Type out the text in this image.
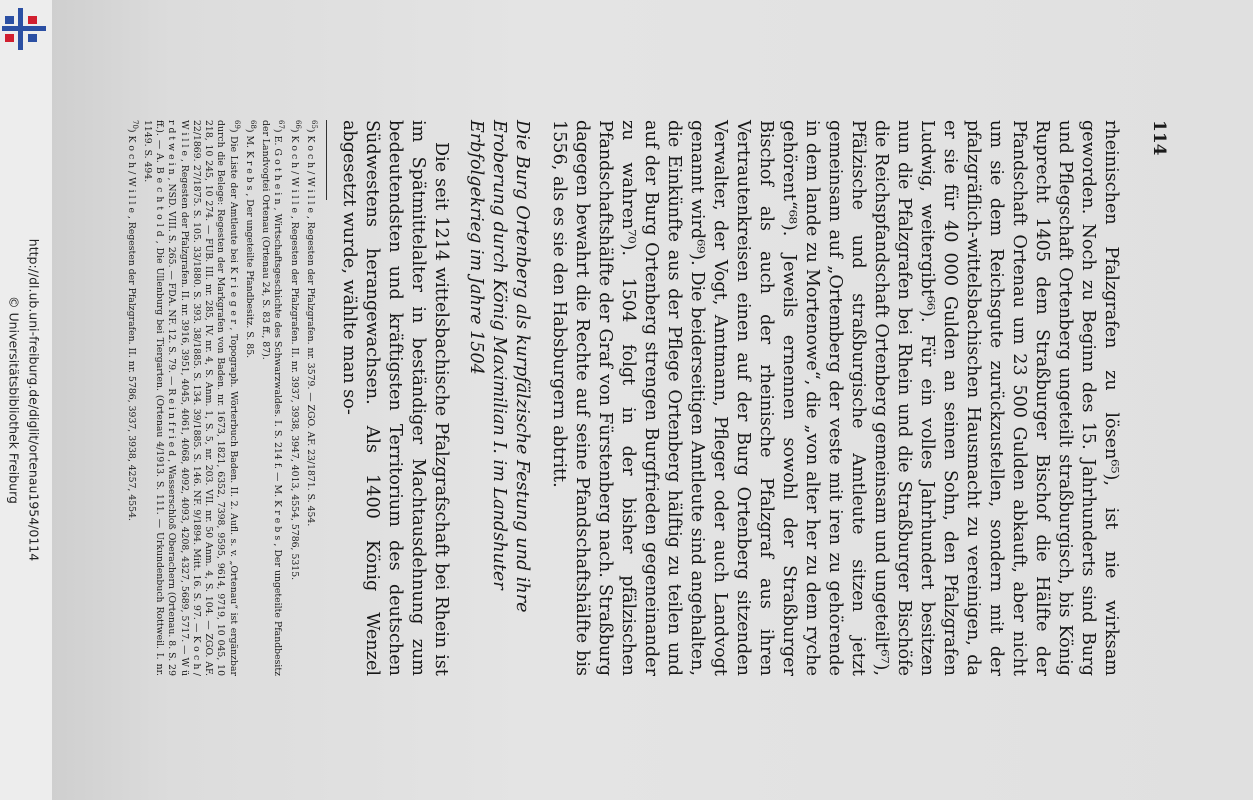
http://dl.ub.uni-freiburg.de/diglit/ortenau1954/0114
© Universitätsbibliothek Freiburg
114

rheinischen Pfalzgrafen zu lösen⁶⁵), ist nie wirksam geworden. Noch zu Beginn des 15. Jahrhunderts sind Burg und Pflegschaft Ortenberg ungeteilt straßburgisch, bis König Ruprecht 1405 dem Straßburger Bischof die Hälfte der Pfandschaft Ortenau um 23 500 Gulden abkauft, aber nicht um sie dem Reichsgute zurückzustellen, sondern mit der pfalzgräflich-wittelsbachischen Hausmacht zu vereinigen, da er sie für 40 000 Gulden an seinen Sohn, den Pfalzgrafen Ludwig, weitergibt⁶⁶). Für ein volles Jahrhundert besitzen nun die Pfalzgrafen bei Rhein und die Straßburger Bischöfe die Reichspfandschaft Ortenberg gemeinsam und ungeteilt⁶⁷), Pfälzische und straßburgische Amtleute sitzen jetzt gemeinsam auf „Ortemberg der veste mit iren zu gehörende in dem lande zu Mortenowe“, die „von alter her zu dem ryche gehörent“⁶⁸). Jeweils ernennen sowohl der Straßburger Bischof als auch der rheinische Pfalzgraf aus ihren Vertrautenkreisen einen auf der Burg Ortenberg sitzenden Verwalter, der Vogt, Amtmann, Pfleger oder auch Landvogt genannt wird⁶⁹). Die beiderseitigen Amtleute sind angehalten, die Einkünfte aus der Pflege Ortenberg hälftig zu teilen und auf der Burg Ortenberg strengen Burgfrieden gegeneinander zu wahren⁷⁰). 1504 folgt in der bisher pfälzischen Pfandschaftshälfte der Graf von Fürstenberg nach. Straßburg dagegen bewahrt die Rechte auf seine Pfandschaftshälfte bis 1556, als es sie den Habsburgern abtritt.

Die Burg Ortenberg als kurpfälzische Festung und ihre Eroberung durch König Maximilian I. im Landshuter Erbfolgekrieg im Jahre 1504

Die seit 1214 wittelsbachische Pfalzgrafschaft bei Rhein ist im Spätmittelalter in beständiger Machtausdehnung zum bedeutendsten und kräftigsten Territorium des deutschen Südwestens herangewachsen. Als 1400 König Wenzel abgesetzt wurde, wählte man so-

$^{65}$) K o c h / W i l l e , Regesten der Pfalzgrafen. nr. 3579. — ZGO. AF. 23/1871. S. 454.

$^{66}$) K o c h / W i l l e , Regesten der Pfalzgrafen. II. nr. 3937, 3938, 3947, 4013, 4554, 5786, 5315.

$^{67}$) E. G o t h e i n , Wirtschaftsgeschichte des Schwarzwaldes. I. S. 214 f. — M. K r e b s , Der ungeteilte Pfandbesitz der Landvogtei Ortenau (Ortenau 24, S. 83 ff., 87).

$^{68}$) M. K r e b s , Der ungeteilte Pfandbesitz. S. 85.

$^{69}$) Die Liste der Amtleute bei K r i e g e r , Topograph. Wörterbuch Baden. II. 2. Aufl. s. v. „Ortenau“ ist ergänzbar durch die Belege: Regesten der Markgrafen von Baden. nr. 1673, 1821, 6352, 7398, 9595, 9614, 9719, 10 045, 10 218, 10 245, 10 274. — FUB. III. nr. 285, IV. nr. 4, S. Anm. 1, S. 5, nr. 203. VII. nr. 50 Anm. 4, S. 104. — ZGO. AF. 22/1869. 27/1875. S. 105. 33/1880. S. 393. 38/1885. S. 134. 39/1885. S. 146. NF. 9/1894. Mitt. 16. S. 97. — K o c h / W i l l e , Regesten der Pfalzgrafen. II. nr. 3916, 3951, 4045, 4061, 4068, 4092, 4093, 4208, 4327, 5689, 5717. — W ü r d t w e i n , NSD. VIII. S. 265. — FDA. NF. 12. S. 79. — R e i n f r i e d , Wasserschloß Oberachern (Ortenau. 8. S. 29 ff.). — A. B e c h t o l d , Die Ullenburg bei Tiergarten. (Ortenau 4/1913. S. 111. — Urkundenbuch Rottweil. I. nr. 1149. S. 494.

$^{70}$) K o c h / W i l l e , Regesten der Pfalzgrafen. II. nr. 5786, 3937, 3938, 4257, 4554.
